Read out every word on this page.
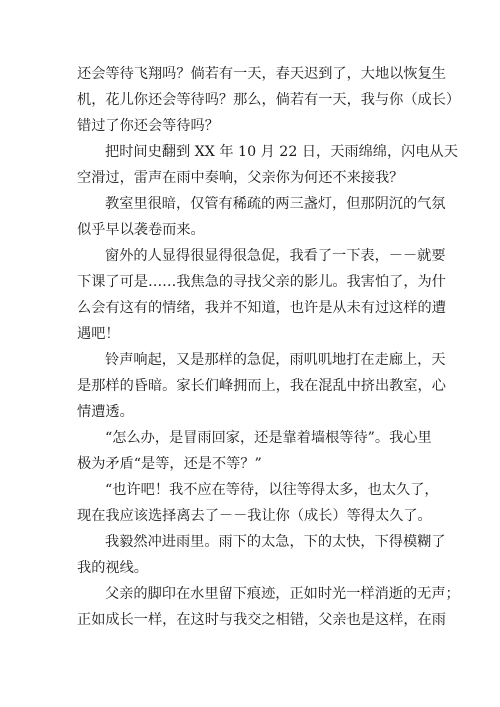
还会等待飞翔吗？倘若有一天，春天迟到了，大地以恢复生
机，花儿你还会等待吗？那么，倘若有一天，我与你（成长）
错过了你还会等待吗？
把时间史翻到 XX 年 10 月 22 日，天雨绵绵，闪电从天
空滑过，雷声在雨中奏响，父亲你为何还不来接我？
教室里很暗，仅管有稀疏的两三盏灯，但那阴沉的气氛
似乎早以袭卷而来。
窗外的人显得很显得很急促，我看了一下表，－－就要
下课了可是……我焦急的寻找父亲的影儿。我害怕了，为什
么会有这有的情绪，我并不知道，也许是从未有过这样的遭
遇吧！
铃声响起，又是那样的急促，雨叽叽地打在走廊上，天
是那样的昏暗。家长们峰拥而上，我在混乱中挤出教室，心
情遭透。
“怎么办，是冒雨回家，还是靠着墙根等待”。我心里
极为矛盾“是等，还是不等？”
“也许吧！我不应在等待，以往等得太多，也太久了，
现在我应该选择离去了－－我让你（成长）等得太久了。
我毅然冲进雨里。雨下的太急，下的太快，下得模糊了
我的视线。
父亲的脚印在水里留下痕迹，正如时光一样消逝的无声；
正如成长一样，在这时与我交之相错，父亲也是这样，在雨
